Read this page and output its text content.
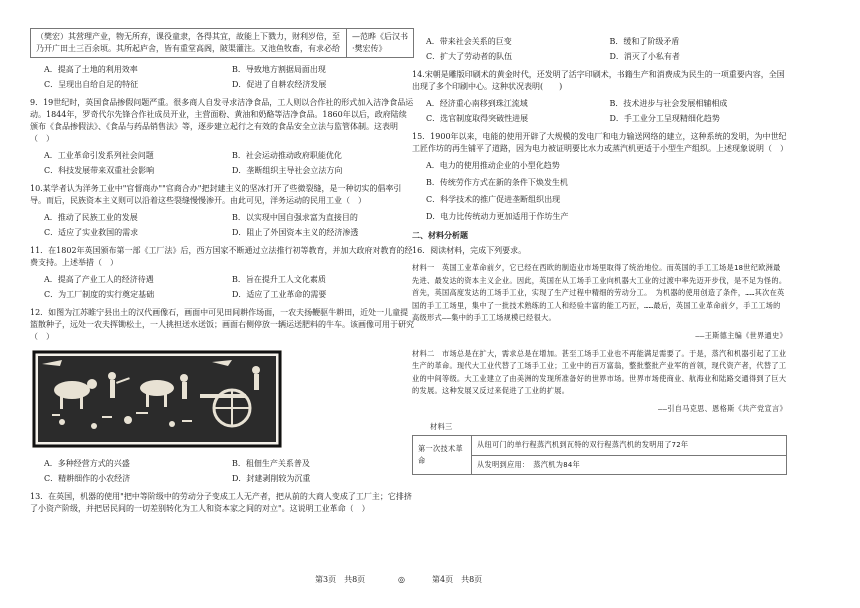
（樊宏）其营理产业，物无所弃，课役童隶，各得其宜，故能上下戮力，财利岁倍，至乃开广田土三百余顷。其所起庐舍，皆有重堂高阁，陂渠灌注。又池鱼牧畜，有求必给	—范晔《后汉书·樊宏传》
A．提高了土地的利用效率	B．导致地方割据局面出现
C．呈现出自给自足的特征	D．促进了自耕农经济发展

9．19世纪时，英国食品掺假问题严重。很多商人自发寻求洁净食品，工人则以合作社的形式加入洁净食品运动。1844年，罗奇代尔先锋合作社成员开业，主营面粉、黄油和奶酪等洁净食品。1860年以后，政府陆续颁布《食品掺假法》、《食品与药品销售法》等，逐步建立起行之有效的食品安全立法与监管体制。这表明（　）

A．工业革命引发系列社会问题	B．社会运动推动政府职能优化
C．科技发展带来双重社会影响	D．垄断组织主导社会立法方向

10.某学者认为洋务工业中"官督商办""官商合办"把封建主义的坚冰打开了些微裂缝，是一种切实的倡率引导。而后，民族资本主义则可以沿着这些裂缝慢慢渗开。由此可见，洋务运动的民用工业（　）

A．推动了民族工业的发展	B．以实现中国自强求富为直接目的
C．适应了实业救国的需求	D．阻止了外国资本主义的经济渗透

11．在1802年英国颁布第一部《工厂法》后，西方国家不断通过立法推行初等教育，并加大政府对教育的经费支持。上述举措（　）

A．提高了产业工人的经济待遇	B．旨在提升工人文化素质
C．为工厂制度的实行奠定基础	D．适应了工业革命的需要

12．如图为江苏睢宁县出土的汉代画像石，画面中可见田间耕作场面，一农夫扬鞭驱牛耕田，近处一儿童提篮散种子，远处一农夫挥锄松土，一人挑担送水送饭；画面右侧停放一辆运送肥料的牛车。该画像可用于研究（　）

A．多种经营方式的兴盛	B．租佃生产关系普及
C．精耕细作的小农经济	D．封建剥削较为沉重

13．在英国，机器的使用"把中等阶级中的劳动分子变成工人无产者，把从前的大商人变成了工厂主；它排挤了小资产阶级，并把居民间的一切差别转化为工人和资本家之间的对立"。这说明工业革命（　）

A．带来社会关系的巨变	B．缓和了阶级矛盾
C．扩大了劳动者的队伍	D．消灭了小私有者

14.宋朝是雕版印刷术的黄金时代，还发明了活字印刷术，书籍生产和消费成为民生的一项重要内容，全国出现了多个印刷中心。这种状况表明(　　)

A．经济重心南移到珠江流域	B．技术进步与社会发展相辅相成
C．选官制度取得突破性进展	D．手工业分工呈现精细化趋势

15．1900年以来，电能的使用开辟了大规模的发电厂和电力输送网络的建立，这种系统的发明，为中世纪工匠作坊的再生铺平了道路，因为电力被证明要比水力或蒸汽机更适于小型生产组织。上述现象说明（　）

A．电力的使用推动企业的小型化趋势
B．传统劳作方式在新的条件下焕发生机
C．科学技术的推广促进垄断组织出现
D．电力比传统动力更加适用于作坊生产
二、材料分析题

16．阅读材料，完成下列要求。

材料一　英国工业革命前夕，它已经在西欧的制造业市场里取得了统治地位。而英国的手工工场是18世纪欧洲最先进、最发达的资本主义企业。因此，英国在从工场手工业向机器大工业的过渡中率先迈开步伐，是不足为怪的。首先，英国高度发达的工场手工业，实现了生产过程中精细的劳动分工。　为机器的使用创造了条件，……其次在英国的手工工场里，集中了一批技术熟练的工人和经验丰富的能工巧匠，……最后，英国工业革命前夕，手工工场的高级形式——集中的手工工场规模已经很大。

——王斯德主编《世界通史》

材料二　市场总是在扩大，需求总是在增加。甚至工场手工业也不再能满足需要了。于是，蒸汽和机器引起了工业生产的革命。现代大工业代替了工场手工业；工业中的百万富翁，整批整批产业军的首领，现代资产者，代替了工业的中间等级。大工业建立了由美洲的发现所准备好的世界市场。世界市场使商业、航海业和陆路交通得到了巨大的发展。这种发展又反过来促进了工业的扩展。

——引自马克思、恩格斯《共产党宣言》

材料三

第一次技术革命	从纽可门的单行程蒸汽机到瓦特的双行程蒸汽机的发明用了72年
从发明到应用：　蒸汽机为84年
第3页　共8页	◎	第4页　共8页
